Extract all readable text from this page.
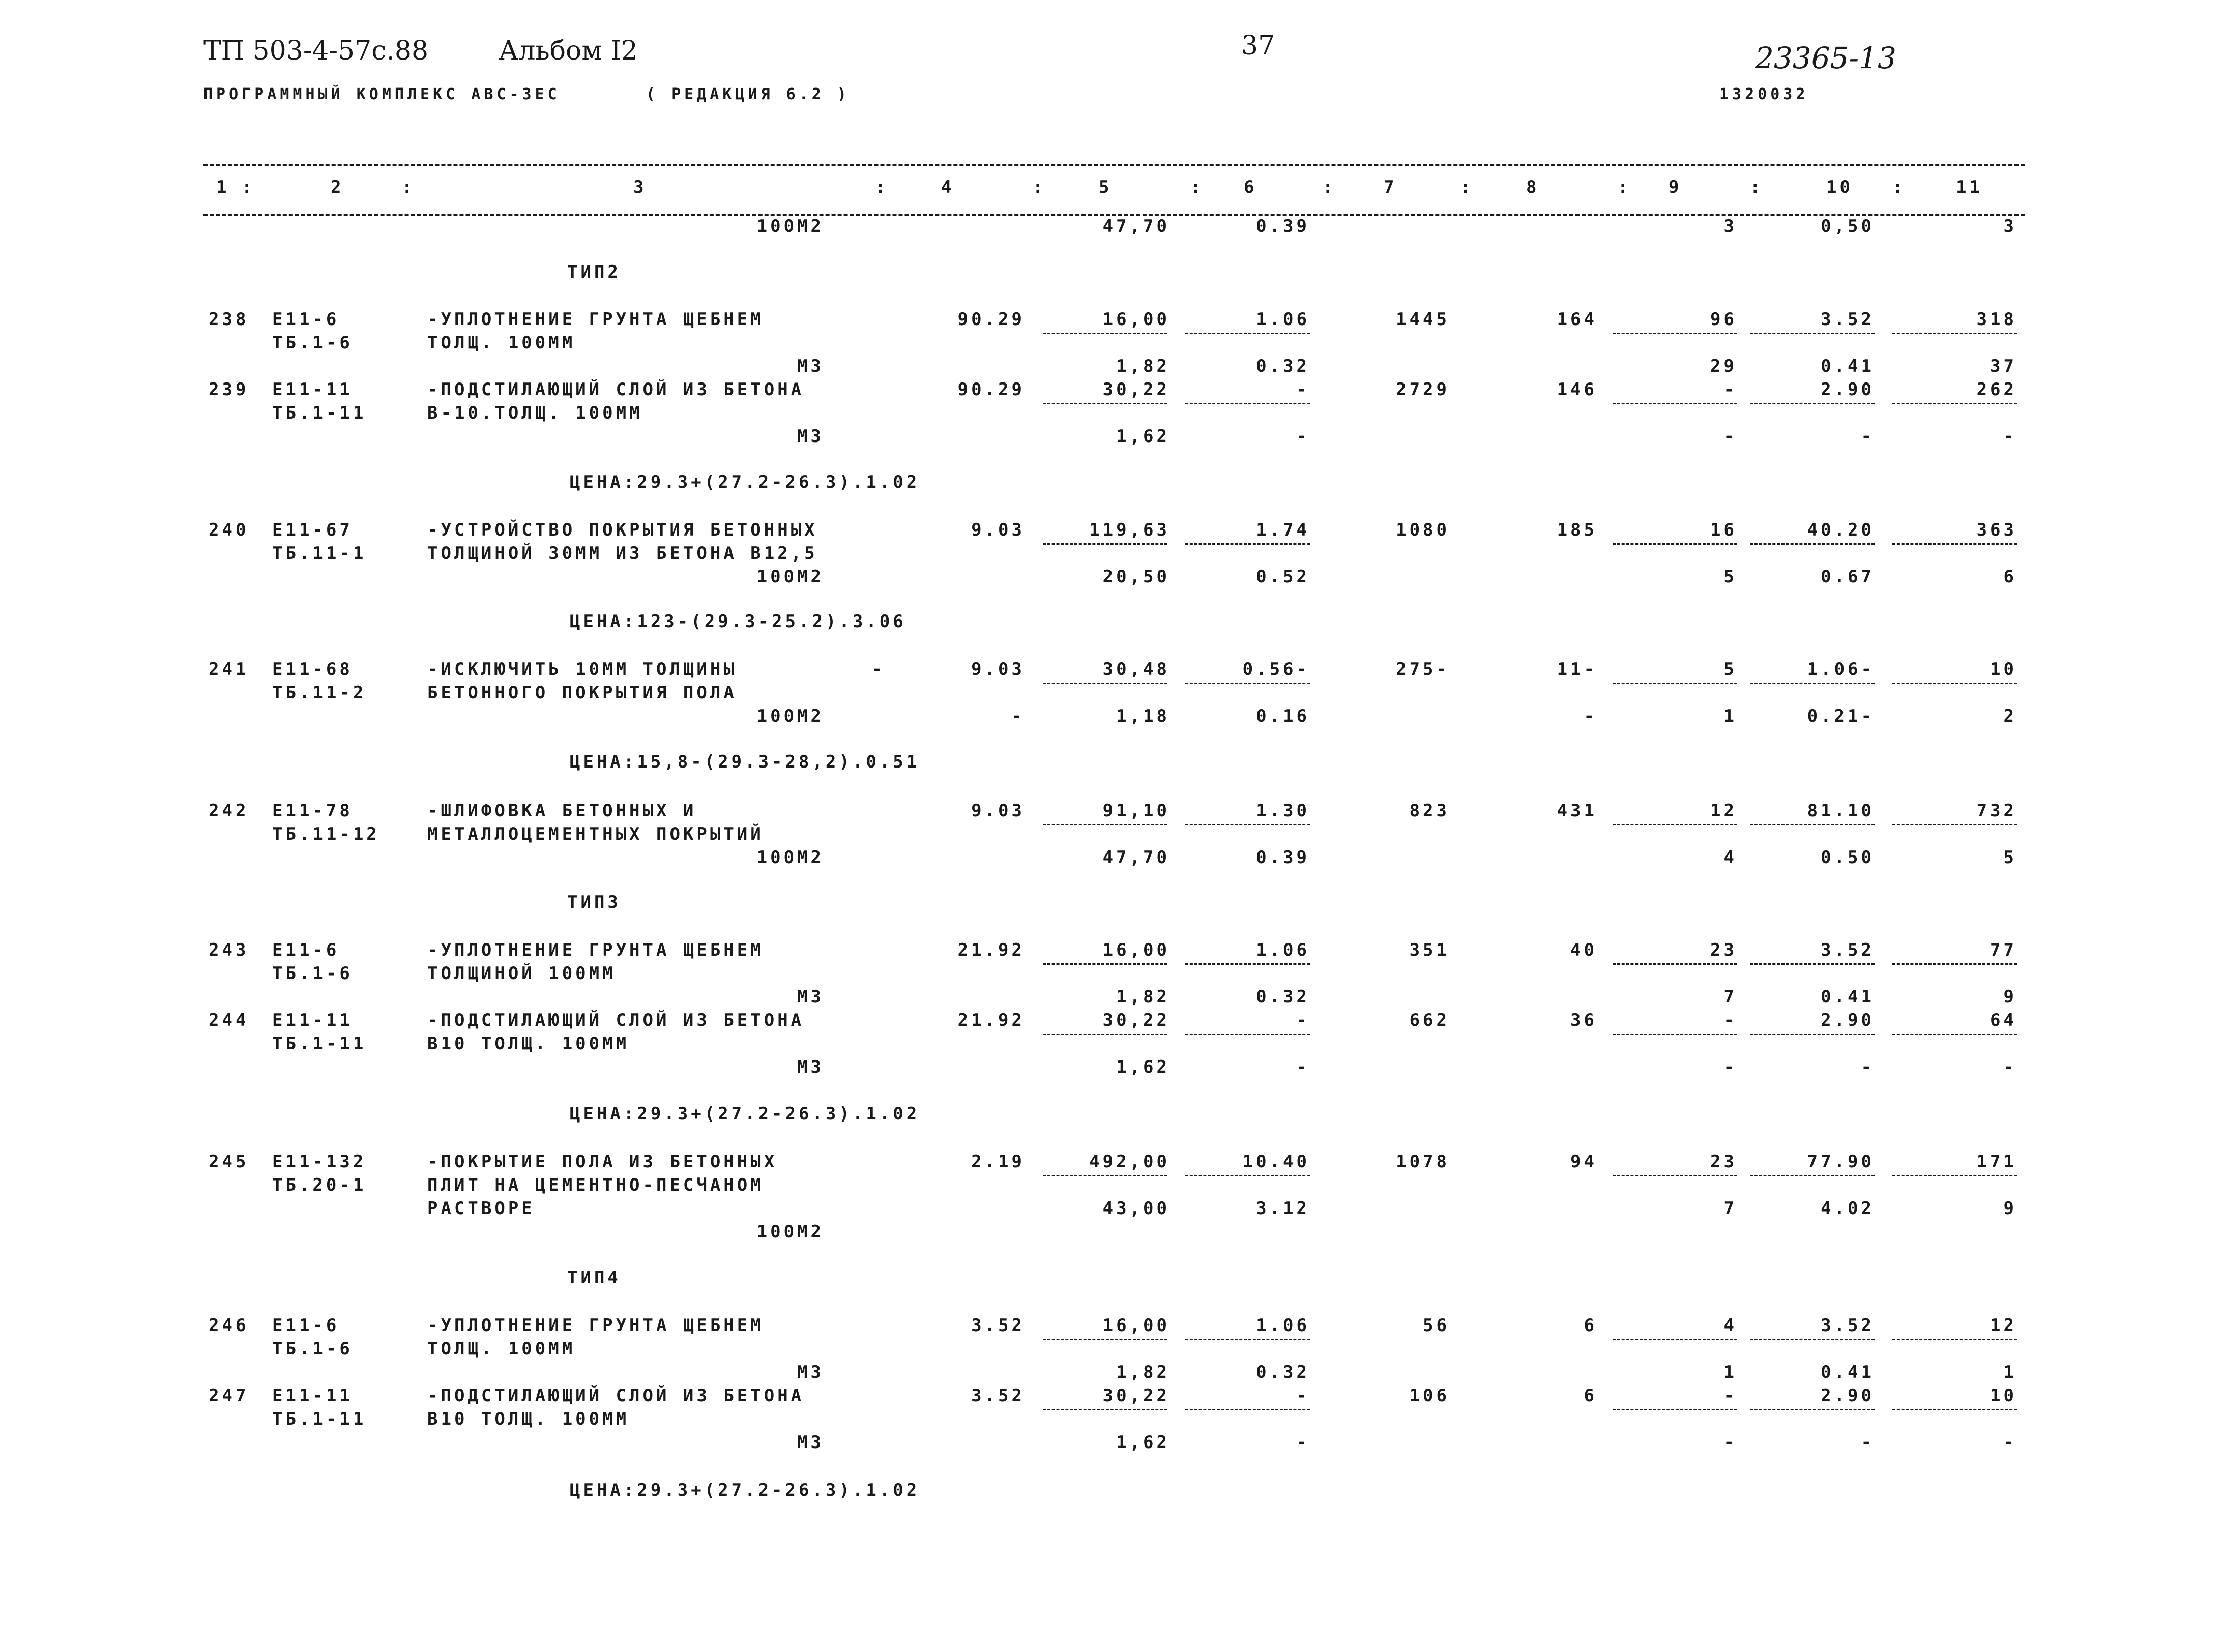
ТП 503-4-57с.88	Альбом I2	37	23365-13
ПРОГРАММНЫЙ КОМПЛЕКС АВС-ЗЕС	( РЕДАКЦИЯ 6.2 )	1320032
1 :	2	:	3	:	4	:	5	: 6	:	7	:	8	: 9	:	10 :	11
100М2	47,70	0.39	3	0,50	3
ТИП2
238 Е11-6	-УПЛОТНЕНИЕ ГРУНТА ЩЕБНЕМ	90.29	16,00	1.06	1445	164	96	3.52	318
ТБ.1-6	ТОЛЩ. 100ММ
МЗ	1,82	0.32	29	0.41	37
239 Е11-11	-ПОДСТИЛАЮЩИЙ СЛОЙ ИЗ БЕТОНА	90.29	30,22	-	2729	146	-	2.90	262
ТБ.1-11	В-10.ТОЛЩ. 100ММ
МЗ	1,62	-	-	-	-
ЦЕНА:29.3+(27.2-26.3).1.02
240 Е11-67	-УСТРОЙСТВО ПОКРЫТИЯ БЕТОННЫХ	9.03	119,63	1.74	1080	185	16	40.20	363
ТБ.11-1	ТОЛЩИНОЙ 30ММ ИЗ БЕТОНА В12,5
100М2	20,50	0.52	5	0.67	6
ЦЕНА:123-(29.3-25.2).3.06
241 Е11-68	-ИСКЛЮЧИТЬ 10ММ ТОЛЩИНЫ          -	9.03	30,48	0.56-	275-	11-	5	1.06-	10
ТБ.11-2	БЕТОННОГО ПОКРЫТИЯ ПОЛА
100М2	-	1,18	0.16	-	1	0.21-	2
ЦЕНА:15,8-(29.3-28,2).0.51
242 Е11-78	-ШЛИФОВКА БЕТОННЫХ И	9.03	91,10	1.30	823	431	12	81.10	732
ТБ.11-12	МЕТАЛЛОЦЕМЕНТНЫХ ПОКРЫТИЙ
100М2	47,70	0.39	4	0.50	5
ТИП3
243 Е11-6	-УПЛОТНЕНИЕ ГРУНТА ЩЕБНЕМ	21.92	16,00	1.06	351	40	23	3.52	77
ТБ.1-6	ТОЛЩИНОЙ 100ММ
МЗ	1,82	0.32	7	0.41	9
244 Е11-11	-ПОДСТИЛАЮЩИЙ СЛОЙ ИЗ БЕТОНА	21.92	30,22	-	662	36	-	2.90	64
ТБ.1-11	В10 ТОЛЩ. 100ММ
МЗ	1,62	-	-	-	-
ЦЕНА:29.3+(27.2-26.3).1.02
245 Е11-132	-ПОКРЫТИЕ ПОЛА ИЗ БЕТОННЫХ	2.19	492,00	10.40	1078	94	23	77.90	171
ТБ.20-1	ПЛИТ НА ЦЕМЕНТНО-ПЕСЧАНОМ
РАСТВОРЕ	43,00	3.12	7	4.02	9
100М2
ТИП4
246 Е11-6	-УПЛОТНЕНИЕ ГРУНТА ЩЕБНЕМ	3.52	16,00	1.06	56	6	4	3.52	12
ТБ.1-6	ТОЛЩ. 100ММ
МЗ	1,82	0.32	1	0.41	1
247 Е11-11	-ПОДСТИЛАЮЩИЙ СЛОЙ ИЗ БЕТОНА	3.52	30,22	-	106	6	-	2.90	10
ТБ.1-11	В10 ТОЛЩ. 100ММ
МЗ	1,62	-	-	-	-
ЦЕНА:29.3+(27.2-26.3).1.02
